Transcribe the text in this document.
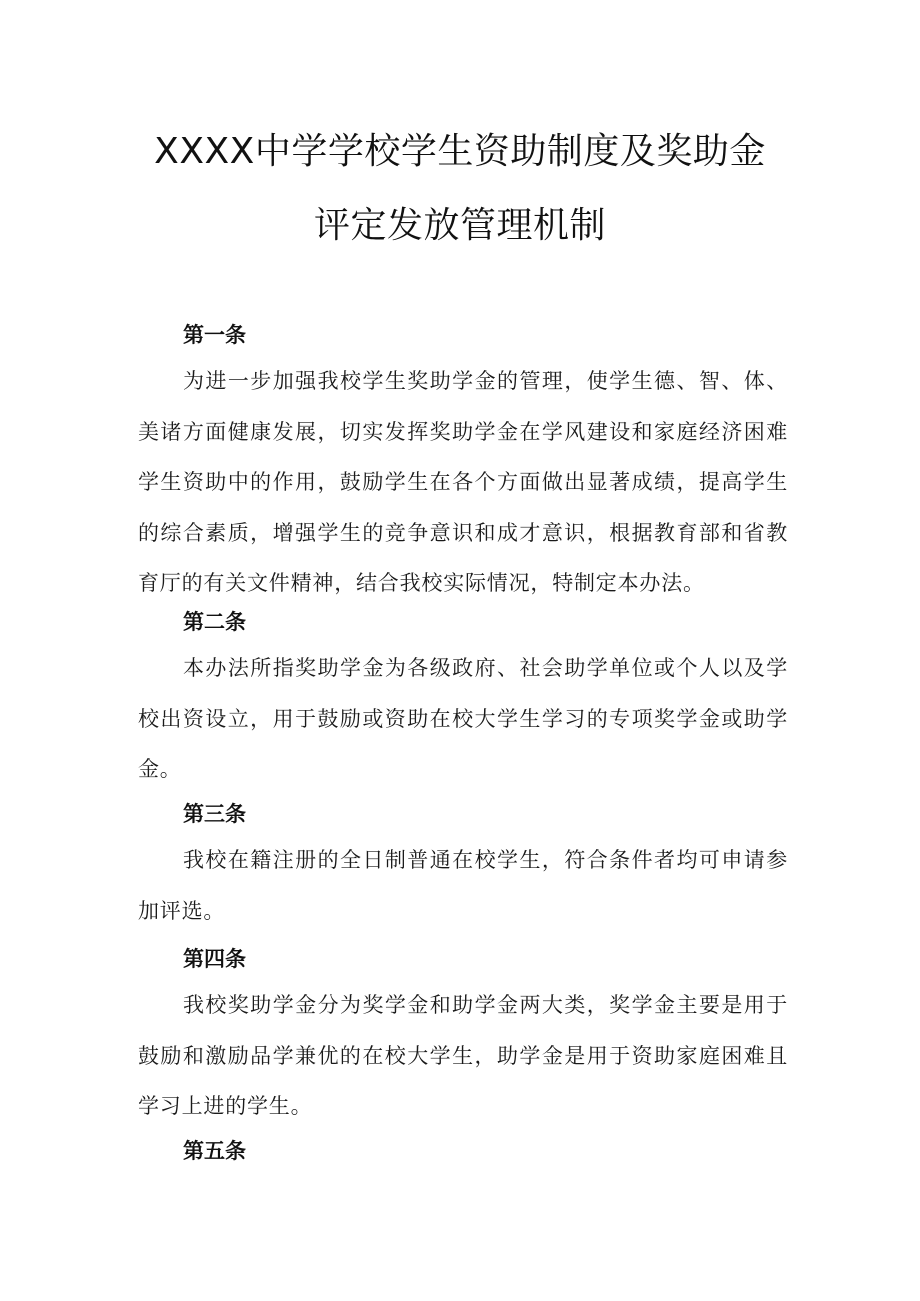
XXXX中学学校学生资助制度及奖助金
评定发放管理机制
第一条

为进一步加强我校学生奖助学金的管理，使学生德、智、体、美诸方面健康发展，切实发挥奖助学金在学风建设和家庭经济困难学生资助中的作用，鼓励学生在各个方面做出显著成绩，提高学生的综合素质，增强学生的竞争意识和成才意识，根据教育部和省教育厅的有关文件精神，结合我校实际情况，特制定本办法。

第二条

本办法所指奖助学金为各级政府、社会助学单位或个人以及学校出资设立，用于鼓励或资助在校大学生学习的专项奖学金或助学金。

第三条

我校在籍注册的全日制普通在校学生，符合条件者均可申请参加评选。

第四条

我校奖助学金分为奖学金和助学金两大类，奖学金主要是用于鼓励和激励品学兼优的在校大学生，助学金是用于资助家庭困难且学习上进的学生。

第五条
